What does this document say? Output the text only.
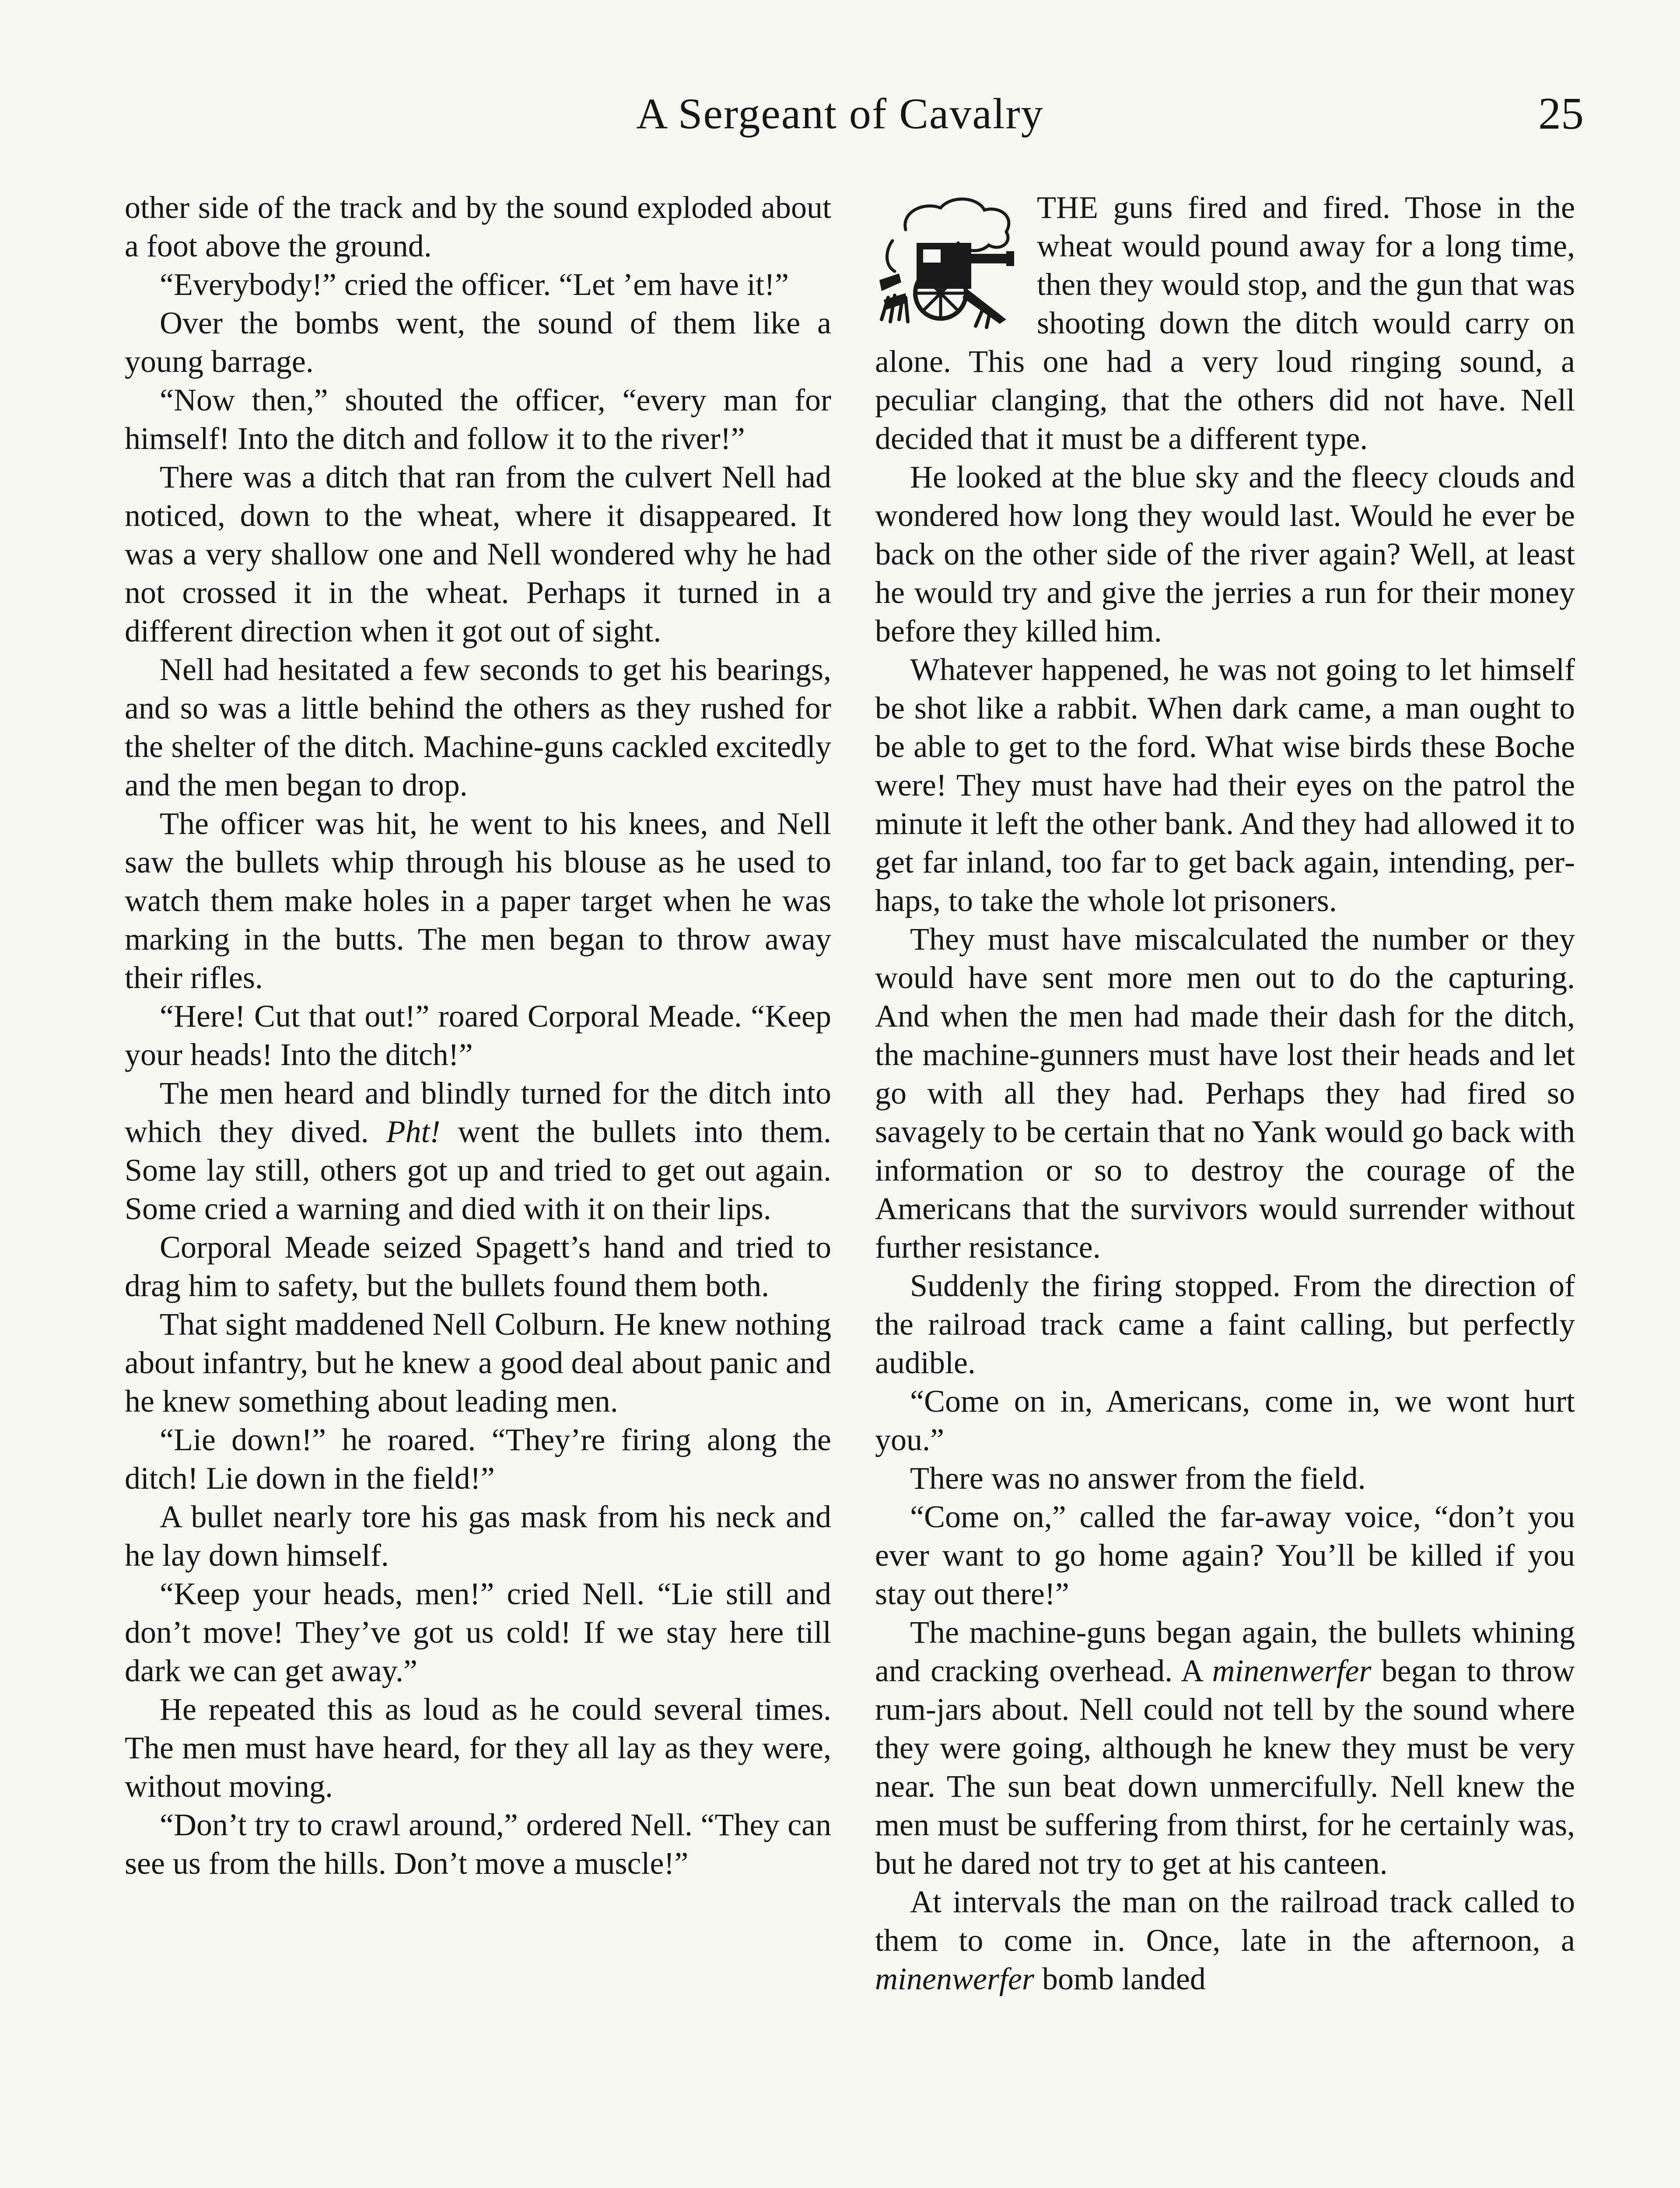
A Sergeant of Cavalry	25

other side of the track and by the sound exploded about a foot above the ground.

“Everybody!” cried the officer. “Let ’em have it!”

Over the bombs went, the sound of them like a young barrage.

“Now then,” shouted the officer, “every man for himself! Into the ditch and follow it to the river!”

There was a ditch that ran from the culvert Nell had noticed, down to the wheat, where it disappeared. It was a very shallow one and Nell wondered why he had not crossed it in the wheat. Perhaps it turned in a different direction when it got out of sight.

Nell had hesitated a few seconds to get his bearings, and so was a little behind the others as they rushed for the shelter of the ditch. Machine-guns cackled excitedly and the men began to drop.

The officer was hit, he went to his knees, and Nell saw the bullets whip through his blouse as he used to watch them make holes in a paper target when he was marking in the butts. The men began to throw away their rifles.

“Here! Cut that out!” roared Corporal Meade. “Keep your heads! Into the ditch!”

The men heard and blindly turned for the ditch into which they dived. Pht! went the bullets into them. Some lay still, others got up and tried to get out again. Some cried a warning and died with it on their lips.

Corporal Meade seized Spagett’s hand and tried to drag him to safety, but the bullets found them both.

That sight maddened Nell Colburn. He knew nothing about infantry, but he knew a good deal about panic and he knew something about leading men.

“Lie down!” he roared. “They’re firing along the ditch! Lie down in the field!”

A bullet nearly tore his gas mask from his neck and he lay down himself.

“Keep your heads, men!” cried Nell. “Lie still and don’t move! They’ve got us cold! If we stay here till dark we can get away.”

He repeated this as loud as he could several times. The men must have heard, for they all lay as they were, without moving.

“Don’t try to crawl around,” ordered Nell. “They can see us from the hills. Don’t move a muscle!”

THE guns fired and fired. Those in the wheat would pound away for a long time, then they would stop, and the gun that was shooting down the ditch would carry on alone. This one had a very loud ringing sound, a peculiar clanging, that the others did not have. Nell decided that it must be a different type.

He looked at the blue sky and the fleecy clouds and wondered how long they would last. Would he ever be back on the other side of the river again? Well, at least he would try and give the jerries a run for their money before they killed him.

Whatever happened, he was not going to let himself be shot like a rabbit. When dark came, a man ought to be able to get to the ford. What wise birds these Boche were! They must have had their eyes on the patrol the minute it left the other bank. And they had allowed it to get far inland, too far to get back again, intending, perhaps, to take the whole lot prisoners.

They must have miscalculated the number or they would have sent more men out to do the capturing. And when the men had made their dash for the ditch, the machine-gunners must have lost their heads and let go with all they had. Perhaps they had fired so savagely to be certain that no Yank would go back with information or so to destroy the courage of the Americans that the survivors would surrender without further resistance.

Suddenly the firing stopped. From the direction of the railroad track came a faint calling, but perfectly audible.

“Come on in, Americans, come in, we wont hurt you.”

There was no answer from the field.

“Come on,” called the far-away voice, “don’t you ever want to go home again? You’ll be killed if you stay out there!”

The machine-guns began again, the bullets whining and cracking overhead. A minenwerfer began to throw rum-jars about. Nell could not tell by the sound where they were going, although he knew they must be very near. The sun beat down unmercifully. Nell knew the men must be suffering from thirst, for he certainly was, but he dared not try to get at his canteen.

At intervals the man on the railroad track called to them to come in. Once, late in the afternoon, a minenwerfer bomb landed
